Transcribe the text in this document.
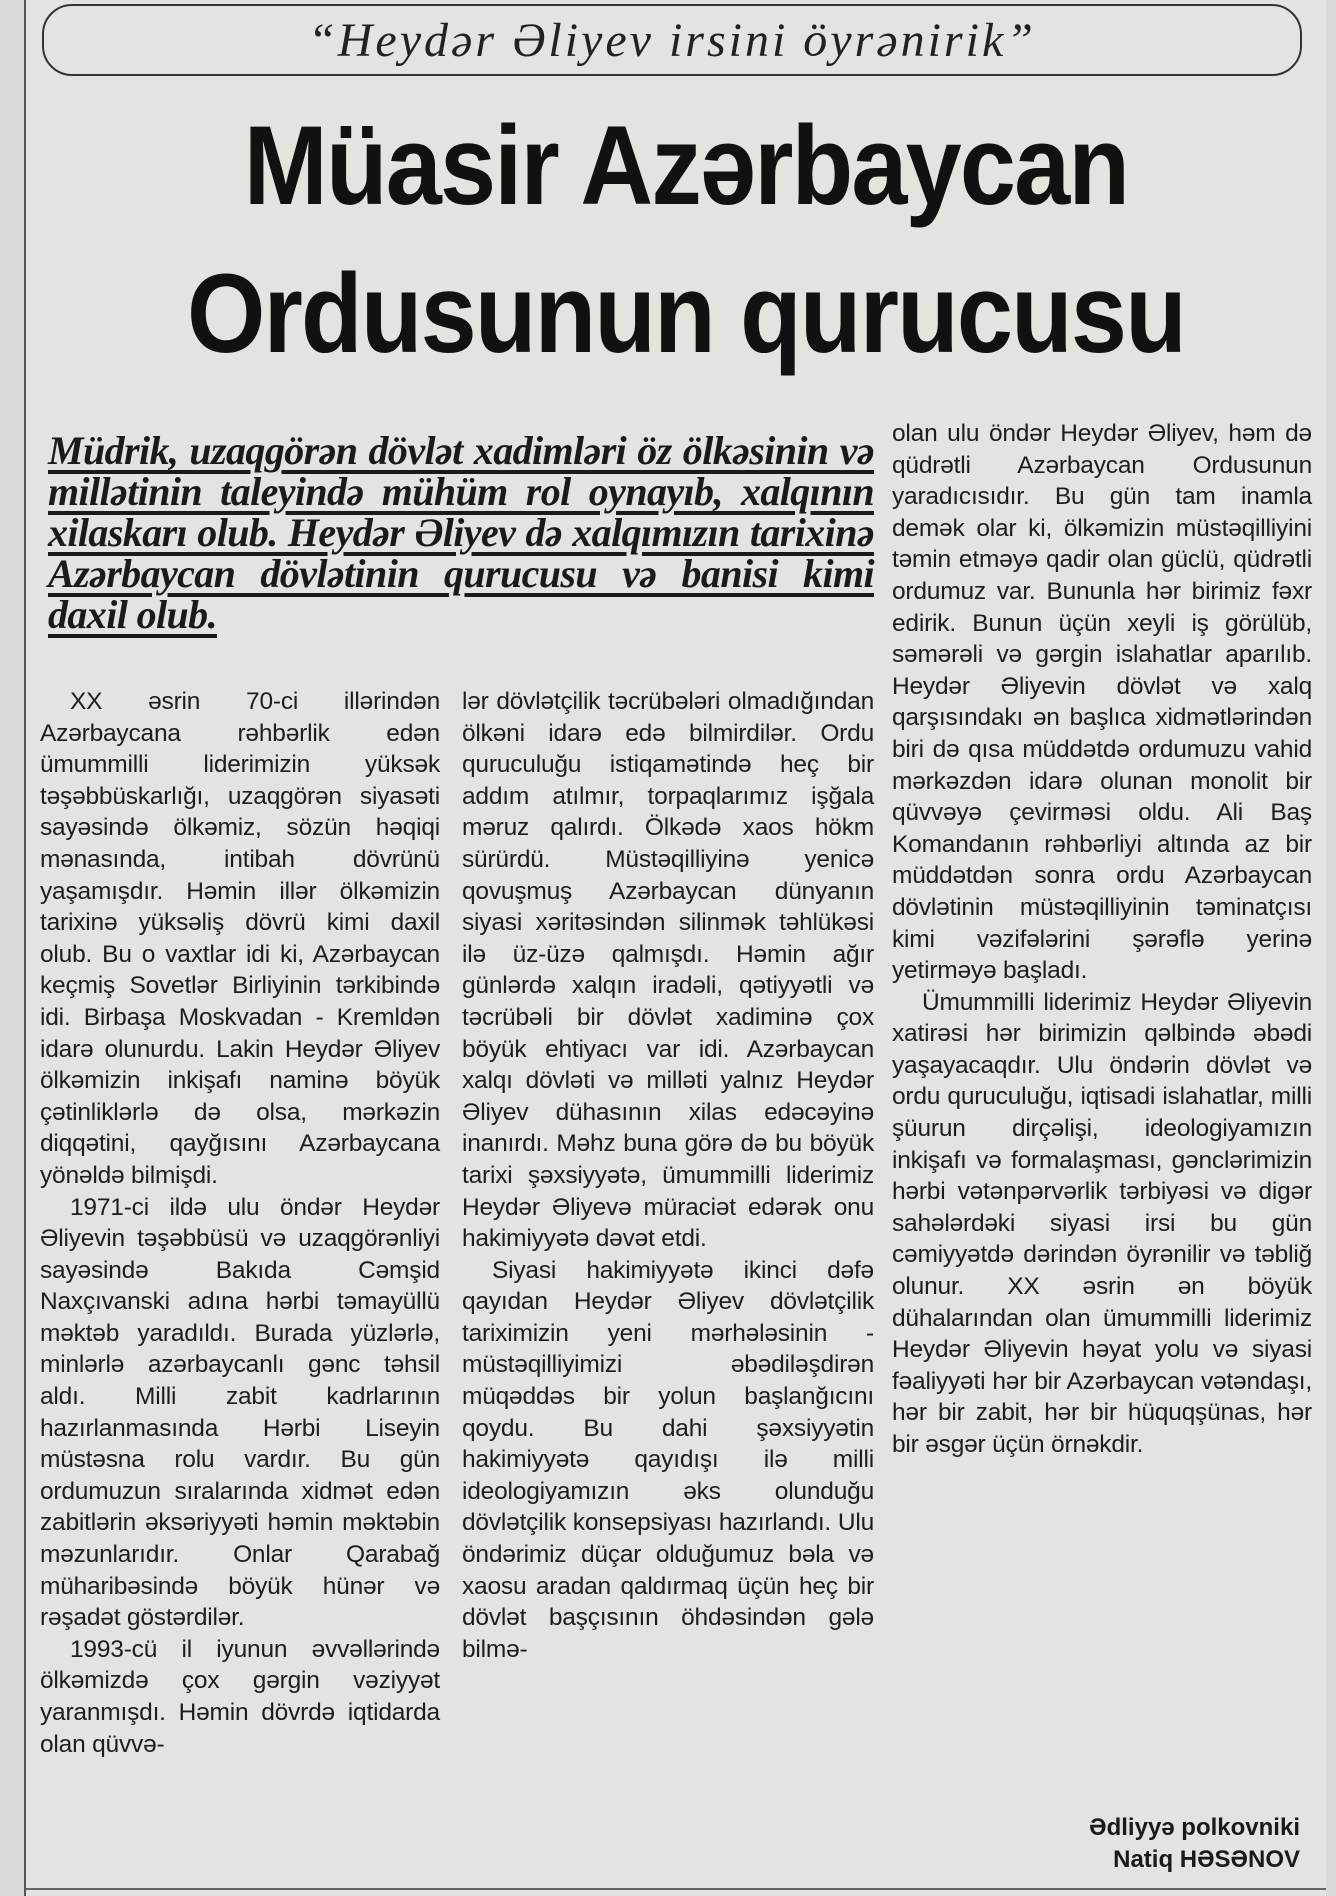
“Heydər Əliyev irsini öyrənirik”
Müasir Azərbaycan
Ordusunun qurucusu
Müdrik, uzaqgörən dövlət xadimləri öz ölkəsinin və millətinin taleyində mühüm rol oynayıb, xalqının xilaskarı olub. Heydər Əliyev də xalqımızın tarixinə Azərbaycan dövlətinin qurucusu və banisi kimi daxil olub.

XX əsrin 70-ci illərindən Azərbaycana rəhbərlik edən ümummilli liderimizin yüksək təşəbbüskarlığı, uzaqgörən siyasəti sayəsində ölkəmiz, sözün həqiqi mənasında, intibah dövrünü yaşamışdır. Həmin illər ölkəmizin tarixinə yüksəliş dövrü kimi daxil olub. Bu o vaxtlar idi ki, Azərbaycan keçmiş Sovetlər Birliyinin tərkibində idi. Birbaşa Moskvadan - Kremldən idarə olunurdu. Lakin Heydər Əliyev ölkəmizin inkişafı naminə böyük çətinliklərlə də olsa, mərkəzin diqqətini, qayğısını Azərbaycana yönəldə bilmişdi.

1971-ci ildə ulu öndər Heydər Əliyevin təşəbbüsü və uzaqgörənliyi sayəsində Bakıda Cəmşid Naxçıvanski adına hərbi təmayüllü məktəb yaradıldı. Burada yüzlərlə, minlərlə azərbaycanlı gənc təhsil aldı. Milli zabit kadrlarının hazırlanmasında Hərbi Liseyin müstəsna rolu vardır. Bu gün ordumuzun sıralarında xidmət edən zabitlərin əksəriyyəti həmin məktəbin məzunlarıdır. Onlar Qarabağ müharibəsində böyük hünər və rəşadət göstərdilər.

1993-cü il iyunun əvvəllərində ölkəmizdə çox gərgin vəziyyət yaranmışdı. Həmin dövrdə iqtidarda olan qüvvə-

lər dövlətçilik təcrübələri olmadığından ölkəni idarə edə bilmirdilər. Ordu quruculuğu istiqamətində heç bir addım atılmır, torpaqlarımız işğala məruz qalırdı. Ölkədə xaos hökm sürürdü. Müstəqilliyinə yenicə qovuşmuş Azərbaycan dünyanın siyasi xəritəsindən silinmək təhlükəsi ilə üz-üzə qalmışdı. Həmin ağır günlərdə xalqın iradəli, qətiyyətli və təcrübəli bir dövlət xadiminə çox böyük ehtiyacı var idi. Azərbaycan xalqı dövləti və milləti yalnız Heydər Əliyev dühasının xilas edəcəyinə inanırdı. Məhz buna görə də bu böyük tarixi şəxsiyyətə, ümummilli liderimiz Heydər Əliyevə müraciət edərək onu hakimiyyətə dəvət etdi.

Siyasi hakimiyyətə ikinci dəfə qayıdan Heydər Əliyev dövlətçilik tariximizin yeni mərhələsinin - müstəqilliyimizi əbədiləşdirən müqəddəs bir yolun başlanğıcını qoydu. Bu dahi şəxsiyyətin hakimiyyətə qayıdışı ilə milli ideologiyamızın əks olunduğu dövlətçilik konsepsiyası hazırlandı. Ulu öndərimiz düçar olduğumuz bəla və xaosu aradan qaldırmaq üçün heç bir dövlət başçısının öhdəsindən gələ bilmə-

olan ulu öndər Heydər Əliyev, həm də qüdrətli Azərbaycan Ordusunun yaradıcısıdır. Bu gün tam inamla demək olar ki, ölkəmizin müstəqilliyini təmin etməyə qadir olan güclü, qüdrətli ordumuz var. Bununla hər birimiz fəxr edirik. Bunun üçün xeyli iş görülüb, səmərəli və gərgin islahatlar aparılıb. Heydər Əliyevin dövlət və xalq qarşısındakı ən başlıca xidmətlərindən biri də qısa müddətdə ordumuzu vahid mərkəzdən idarə olunan monolit bir qüvvəyə çevirməsi oldu. Ali Baş Komandanın rəhbərliyi altında az bir müddətdən sonra ordu Azərbaycan dövlətinin müstəqilliyinin təminatçısı kimi vəzifələrini şərəflə yerinə yetirməyə başladı.

Ümummilli liderimiz Heydər Əliyevin xatirəsi hər birimizin qəlbində əbədi yaşayacaqdır. Ulu öndərin dövlət və ordu quruculuğu, iqtisadi islahatlar, milli şüurun dirçəlişi, ideologiyamızın inkişafı və formalaşması, gənclərimizin hərbi vətənpərvərlik tərbiyəsi və digər sahələrdəki siyasi irsi bu gün cəmiyyətdə dərindən öyrənilir və təbliğ olunur. XX əsrin ən böyük dühalarından olan ümummilli liderimiz Heydər Əliyevin həyat yolu və siyasi fəaliyyəti hər bir Azərbaycan vətəndaşı, hər bir zabit, hər bir hüquqşünas, hər bir əsgər üçün örnəkdir.

Ədliyyə polkovniki
Natiq HƏSƏNOV
